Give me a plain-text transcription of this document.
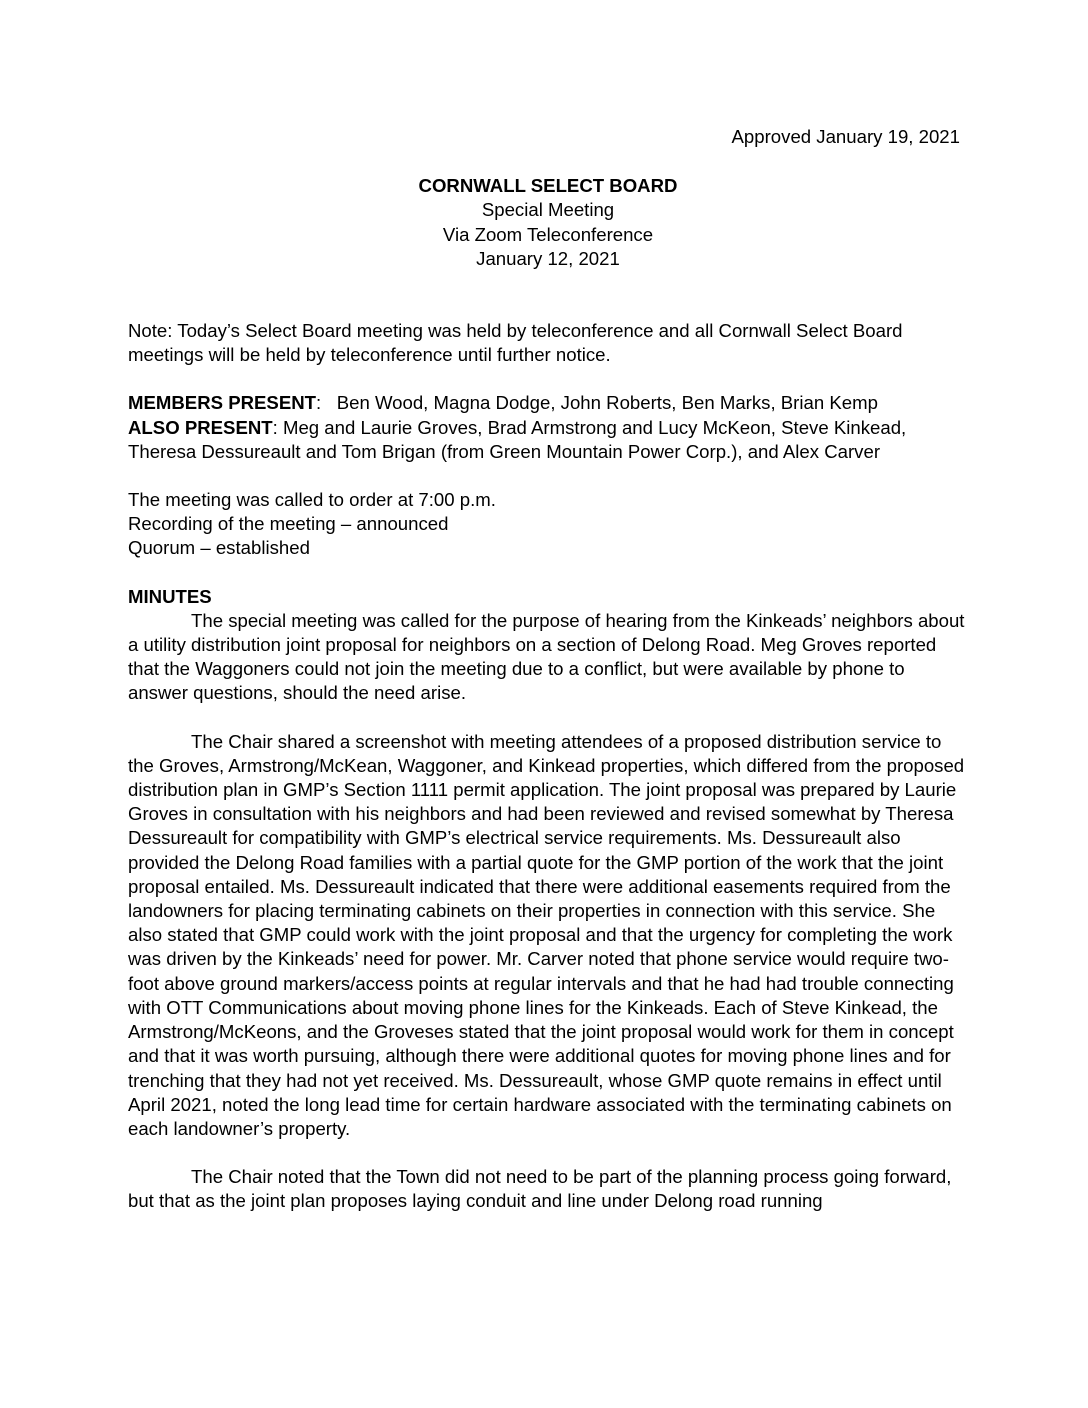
Approved January 19, 2021
CORNWALL SELECT BOARD
Special Meeting
Via Zoom Teleconference
January 12, 2021
Note: Today’s Select Board meeting was held by teleconference and all Cornwall Select Board meetings will be held by teleconference until further notice.
MEMBERS PRESENT:   Ben Wood, Magna Dodge, John Roberts, Ben Marks, Brian Kemp
ALSO PRESENT: Meg and Laurie Groves, Brad Armstrong and Lucy McKeon, Steve Kinkead, Theresa Dessureault and Tom Brigan (from Green Mountain Power Corp.), and Alex Carver
The meeting was called to order at 7:00 p.m.
Recording of the meeting – announced
Quorum – established
MINUTES
The special meeting was called for the purpose of hearing from the Kinkeads’ neighbors about a utility distribution joint proposal for neighbors on a section of Delong Road. Meg Groves reported that the Waggoners could not join the meeting due to a conflict, but were available by phone to answer questions, should the need arise.
The Chair shared a screenshot with meeting attendees of a proposed distribution service to the Groves, Armstrong/McKean, Waggoner, and Kinkead properties, which differed from the proposed distribution plan in GMP’s Section 1111 permit application. The joint proposal was prepared by Laurie Groves in consultation with his neighbors and had been reviewed and revised somewhat by Theresa Dessureault for compatibility with GMP’s electrical service requirements. Ms. Dessureault also provided the Delong Road families with a partial quote for the GMP portion of the work that the joint proposal entailed. Ms. Dessureault indicated that there were additional easements required from the landowners for placing terminating cabinets on their properties in connection with this service. She also stated that GMP could work with the joint proposal and that the urgency for completing the work was driven by the Kinkeads’ need for power. Mr. Carver noted that phone service would require two-foot above ground markers/access points at regular intervals and that he had had trouble connecting with OTT Communications about moving phone lines for the Kinkeads. Each of Steve Kinkead, the Armstrong/McKeons, and the Groveses stated that the joint proposal would work for them in concept and that it was worth pursuing, although there were additional quotes for moving phone lines and for trenching that they had not yet received. Ms. Dessureault, whose GMP quote remains in effect until April 2021, noted the long lead time for certain hardware associated with the terminating cabinets on each landowner’s property.
The Chair noted that the Town did not need to be part of the planning process going forward, but that as the joint plan proposes laying conduit and line under Delong road running
